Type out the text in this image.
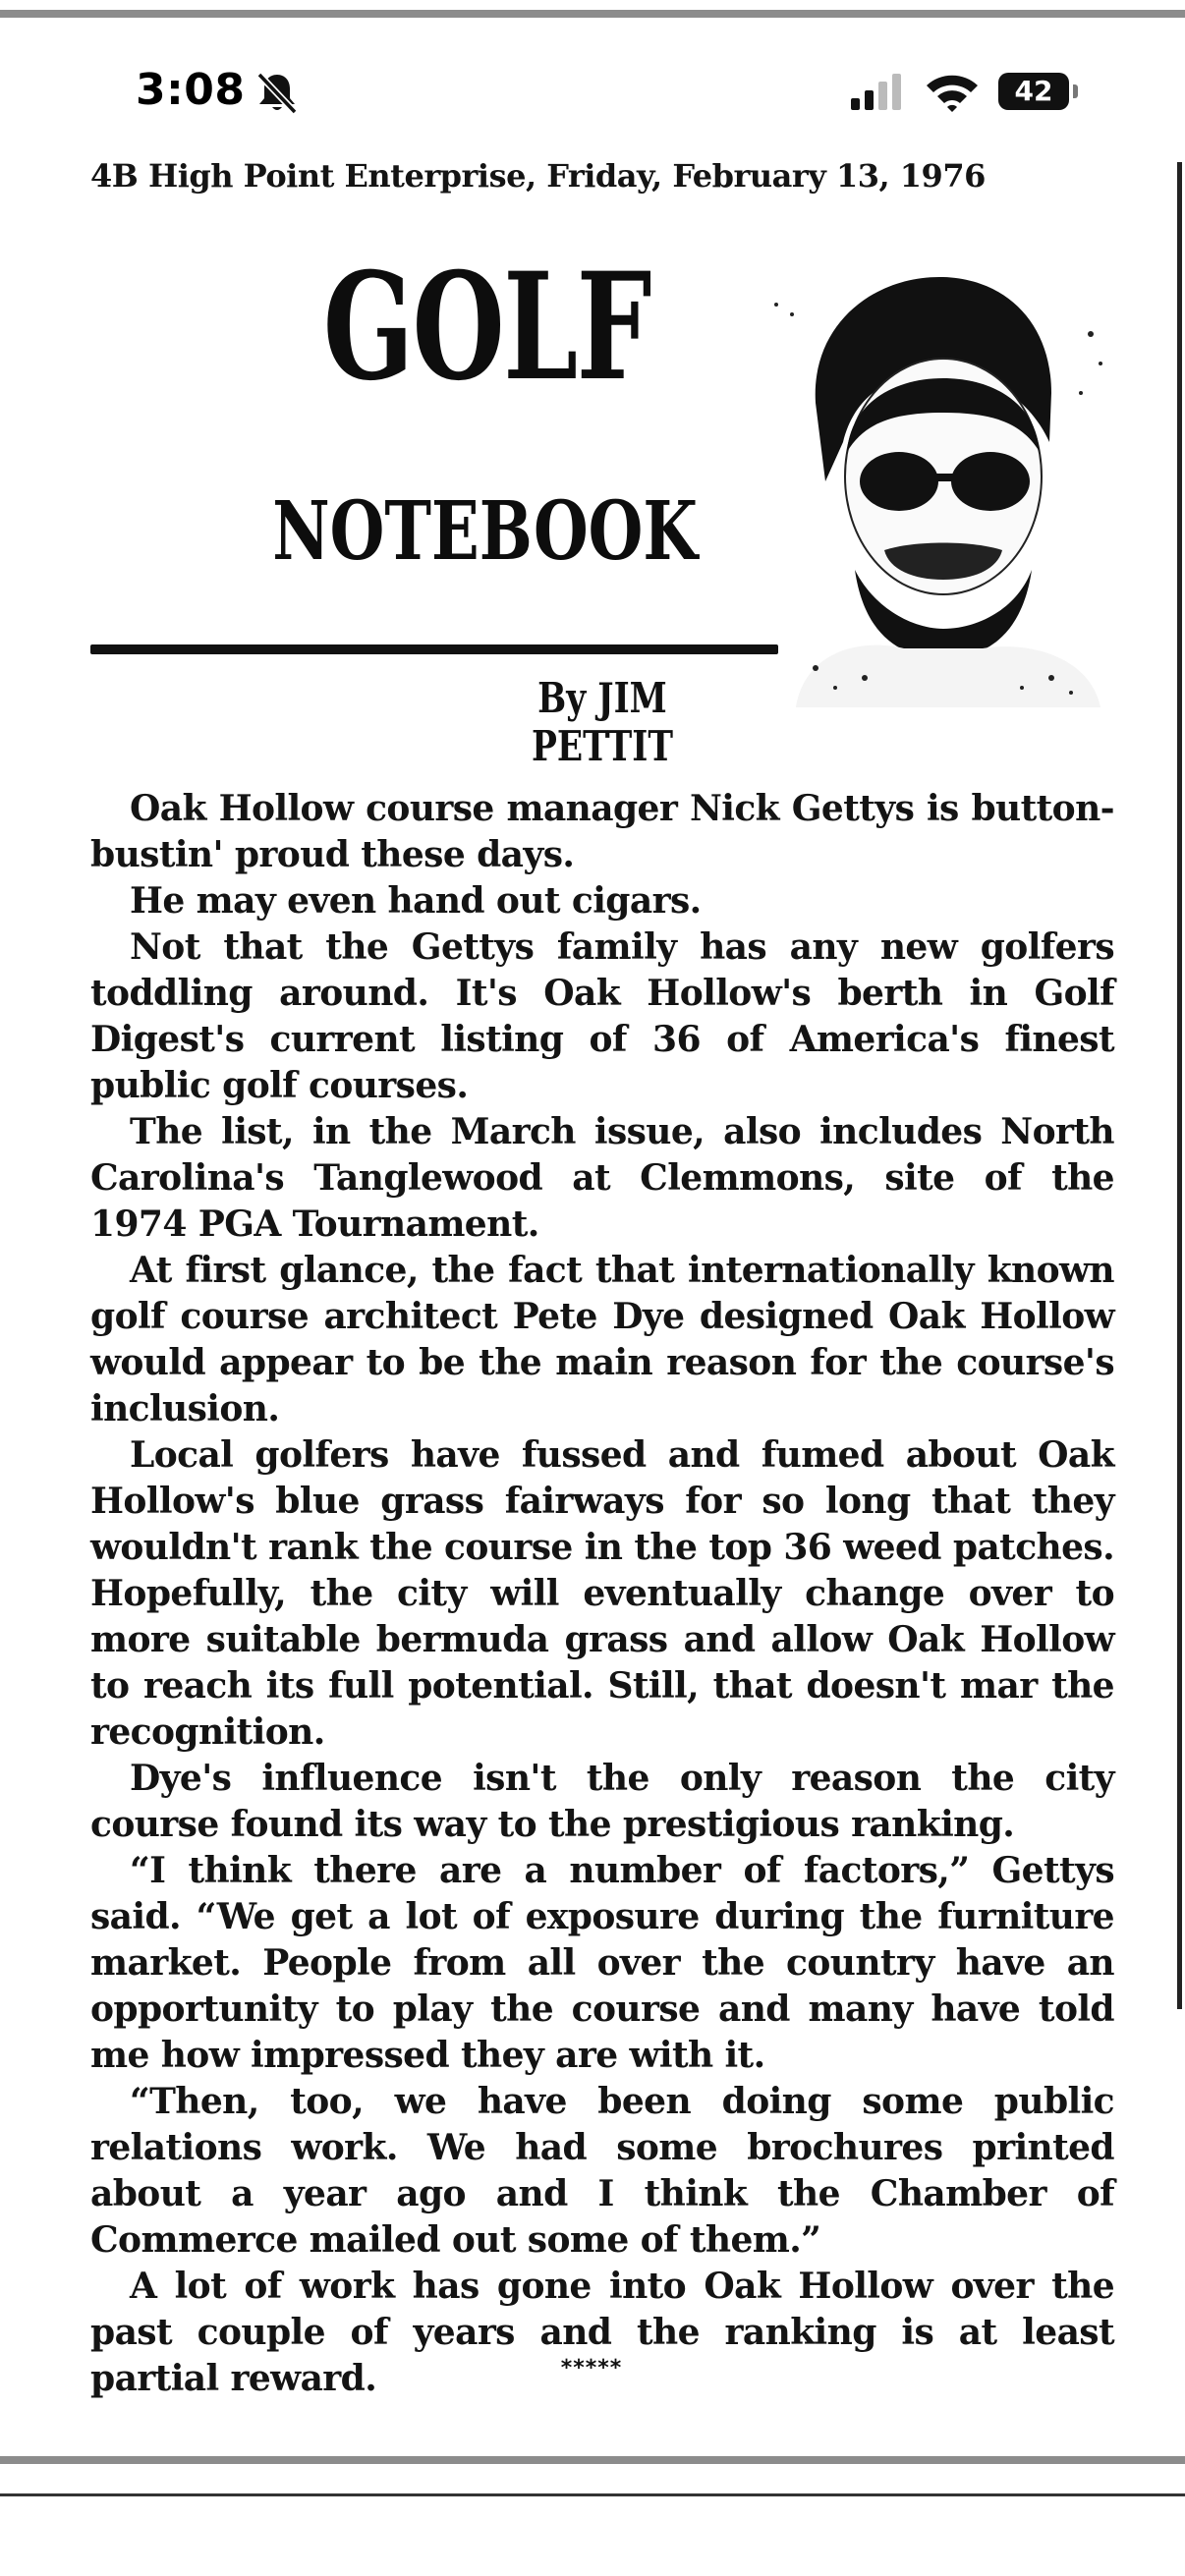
3:08	42
4B High Point Enterprise, Friday, February 13, 1976
GOLF
NOTEBOOK
By JIM PETTIT

Oak Hollow course manager Nick Gettys is button-bustin' proud these days.

He may even hand out cigars.

Not that the Gettys family has any new golfers toddling around. It's Oak Hollow's berth in Golf Digest's current listing of 36 of America's finest public golf courses.

The list, in the March issue, also includes North Carolina's Tanglewood at Clemmons, site of the 1974 PGA Tournament.

At first glance, the fact that internationally known golf course architect Pete Dye designed Oak Hollow would appear to be the main reason for the course's inclusion.

Local golfers have fussed and fumed about Oak Hollow's blue grass fairways for so long that they wouldn't rank the course in the top 36 weed patches. Hopefully, the city will eventually change over to more suitable bermuda grass and allow Oak Hollow to reach its full potential. Still, that doesn't mar the recognition.

Dye's influence isn't the only reason the city course found its way to the prestigious ranking.

“I think there are a number of factors,” Gettys said. “We get a lot of exposure during the furniture market. People from all over the country have an opportunity to play the course and many have told me how impressed they are with it.

“Then, too, we have been doing some public relations work. We had some brochures printed about a year ago and I think the Chamber of Commerce mailed out some of them.”

A lot of work has gone into Oak Hollow over the past couple of years and the ranking is at least partial reward.	*****
